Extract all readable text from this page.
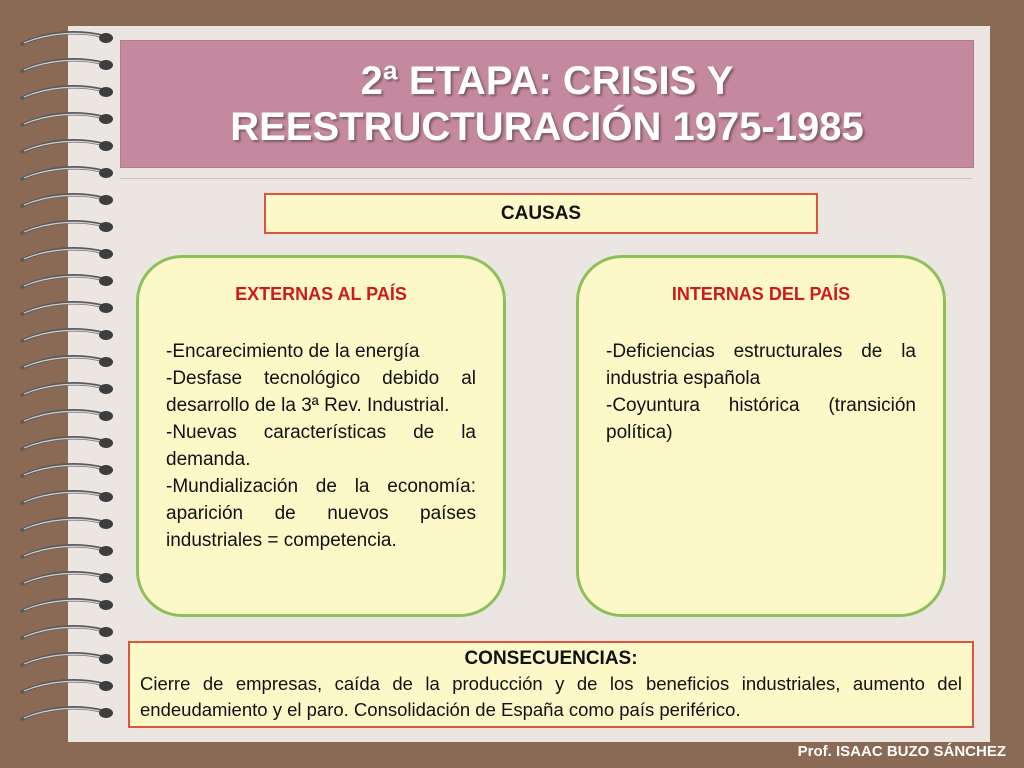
2ª ETAPA: CRISIS Y
REESTRUCTURACIÓN 1975-1985
CAUSAS
EXTERNAS AL PAÍS

-Encarecimiento de la energía

-Desfase tecnológico debido al desarrollo de la 3ª Rev. Industrial.

-Nuevas características de la demanda.

-Mundialización de la economía: aparición de nuevos países industriales = competencia.

INTERNAS DEL PAÍS

-Deficiencias estructurales de la industria española

-Coyuntura histórica (transición política)

CONSECUENCIAS:
Cierre de empresas, caída de la producción y de los beneficios industriales, aumento del endeudamiento y el paro. Consolidación de España como país periférico.
Prof. ISAAC BUZO SÁNCHEZ
